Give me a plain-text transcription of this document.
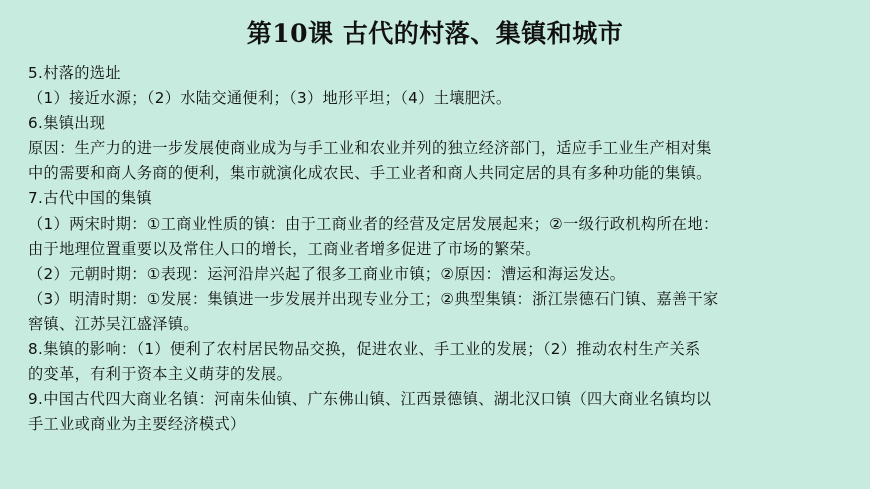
第10课 古代的村落、集镇和城市
5.村落的选址
（1）接近水源；（2）水陆交通便利；（3）地形平坦；（4）土壤肥沃。
6.集镇出现
原因：生产力的进一步发展使商业成为与手工业和农业并列的独立经济部门，适应手工业生产相对集
中的需要和商人务商的便利，集市就演化成农民、手工业者和商人共同定居的具有多种功能的集镇。
7.古代中国的集镇
（1）两宋时期：①工商业性质的镇：由于工商业者的经营及定居发展起来；②一级行政机构所在地：
由于地理位置重要以及常住人口的增长，工商业者增多促进了市场的繁荣。
（2）元朝时期：①表现：运河沿岸兴起了很多工商业市镇；②原因：漕运和海运发达。
（3）明清时期：①发展：集镇进一步发展并出现专业分工；②典型集镇：浙江崇德石门镇、嘉善干家
窖镇、江苏吴江盛泽镇。
8.集镇的影响：（1）便利了农村居民物品交换，促进农业、手工业的发展；（2）推动农村生产关系
的变革，有利于资本主义萌芽的发展。
9.中国古代四大商业名镇：河南朱仙镇、广东佛山镇、江西景德镇、湖北汉口镇（四大商业名镇均以
手工业或商业为主要经济模式）
